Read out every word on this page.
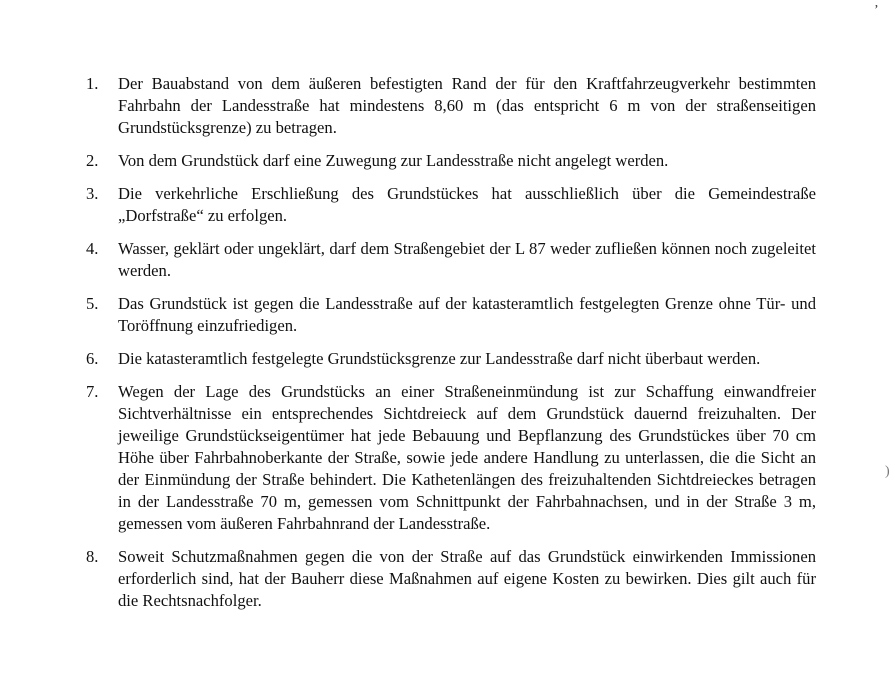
’
)
1. Der Bauabstand von dem äußeren befestigten Rand der für den Kraftfahrzeugverkehr bestimmten Fahrbahn der Landesstraße hat mindestens 8,60 m (das entspricht 6 m von der straßenseitigen Grundstücksgrenze) zu betragen.
2. Von dem Grundstück darf eine Zuwegung zur Landesstraße nicht angelegt werden.
3. Die verkehrliche Erschließung des Grundstückes hat ausschließlich über die Gemeindestraße „Dorfstraße“ zu erfolgen.
4. Wasser, geklärt oder ungeklärt, darf dem Straßengebiet der L 87 weder zufließen können noch zugeleitet werden.
5. Das Grundstück ist gegen die Landesstraße auf der katasteramtlich festgelegten Grenze ohne Tür- und Toröffnung einzufriedigen.
6. Die katasteramtlich festgelegte Grundstücksgrenze zur Landesstraße darf nicht überbaut werden.
7. Wegen der Lage des Grundstücks an einer Straßeneinmündung ist zur Schaffung einwandfreier Sichtverhältnisse ein entsprechendes Sichtdreieck auf dem Grundstück dauernd freizuhalten. Der jeweilige Grundstückseigentümer hat jede Bebauung und Bepflanzung des Grundstückes über 70 cm Höhe über Fahrbahnoberkante der Straße, sowie jede andere Handlung zu unterlassen, die die Sicht an der Einmündung der Straße behindert. Die Kathetenlängen des freizuhaltenden Sichtdreieckes betragen in der Landesstraße 70 m, gemessen vom Schnittpunkt der Fahrbahnachsen, und in der Straße 3 m, gemessen vom äußeren Fahrbahnrand der Landesstraße.
8. Soweit Schutzmaßnahmen gegen die von der Straße auf das Grundstück einwirkenden Immissionen erforderlich sind, hat der Bauherr diese Maßnahmen auf eigene Kosten zu bewirken. Dies gilt auch für die Rechtsnachfolger.
